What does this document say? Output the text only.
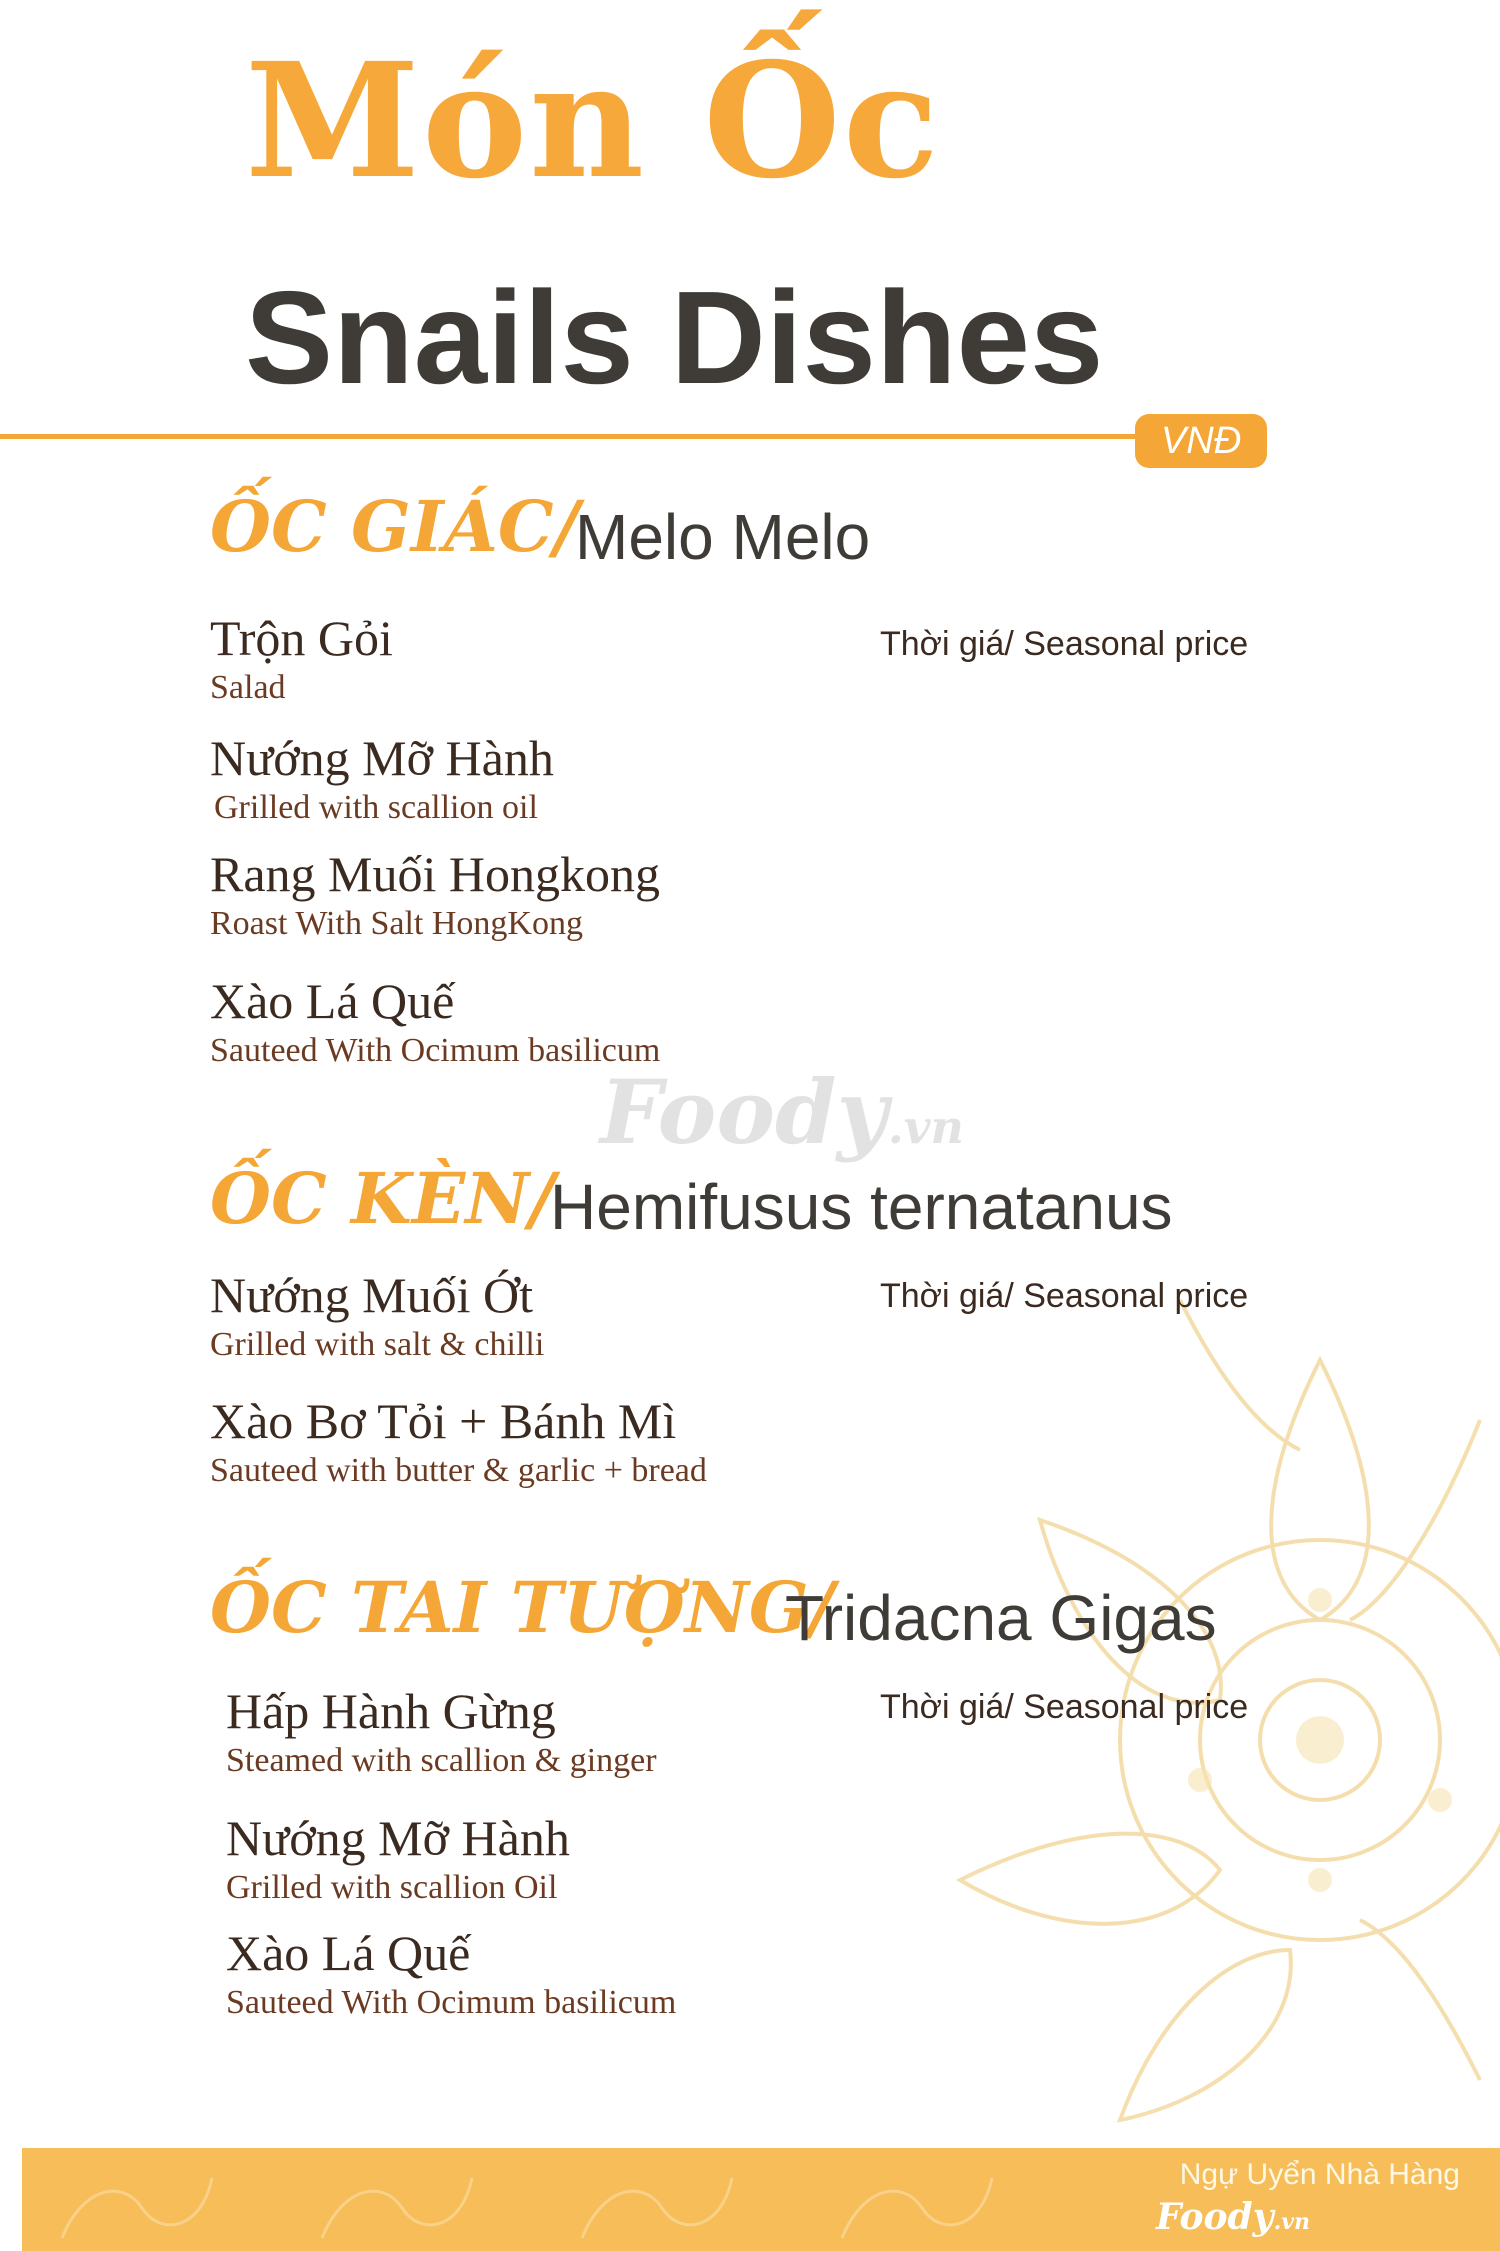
Món Ốc
Snails Dishes
VNĐ
Foody.vn
ỐC GIÁC/
Melo Melo
Thời giá/ Seasonal price
Trộn Gỏi
Salad
Nướng Mỡ Hành
Grilled with scallion oil
Rang Muối Hongkong
Roast With Salt HongKong
Xào Lá Quế
Sauteed With Ocimum basilicum
ỐC KÈN/
Hemifusus ternatanus
Thời giá/ Seasonal price
Nướng Muối Ớt
Grilled with salt & chilli
Xào Bơ Tỏi + Bánh Mì
Sauteed with butter & garlic + bread
ỐC TAI TƯỢNG/
Tridacna Gigas
Thời giá/ Seasonal price
Hấp Hành Gừng
Steamed with scallion & ginger
Nướng Mỡ Hành
Grilled with scallion Oil
Xào Lá Quế
Sauteed With Ocimum basilicum
Ngự Uyển Nhà Hàng
Foody.vn
